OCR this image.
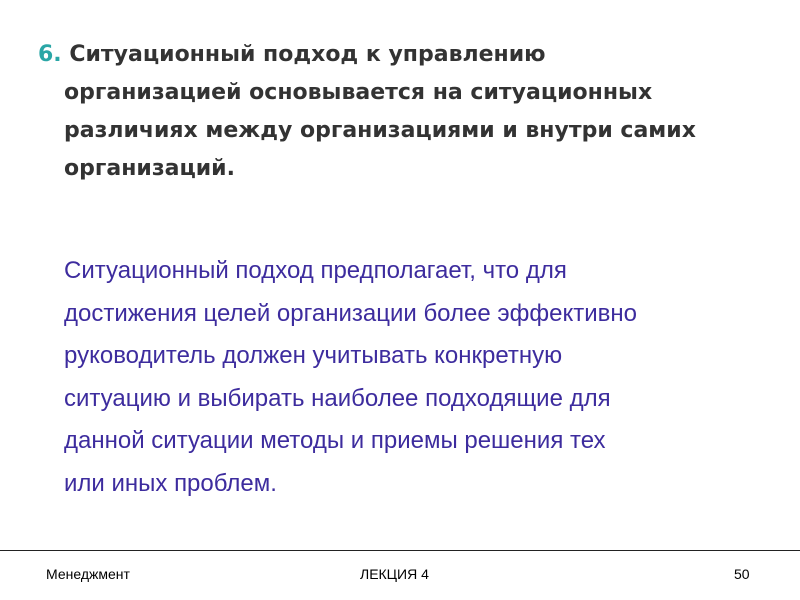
6. Ситуационный подход к управлению
организацией основывается на ситуационных
различиях между организациями и внутри самих
организаций.
Ситуационный подход предполагает, что для
достижения целей организации более эффективно
руководитель должен учитывать конкретную
ситуацию и выбирать наиболее подходящие для
данной ситуации методы и приемы решения тех
или иных проблем.
Менеджмент	ЛЕКЦИЯ 4	50
